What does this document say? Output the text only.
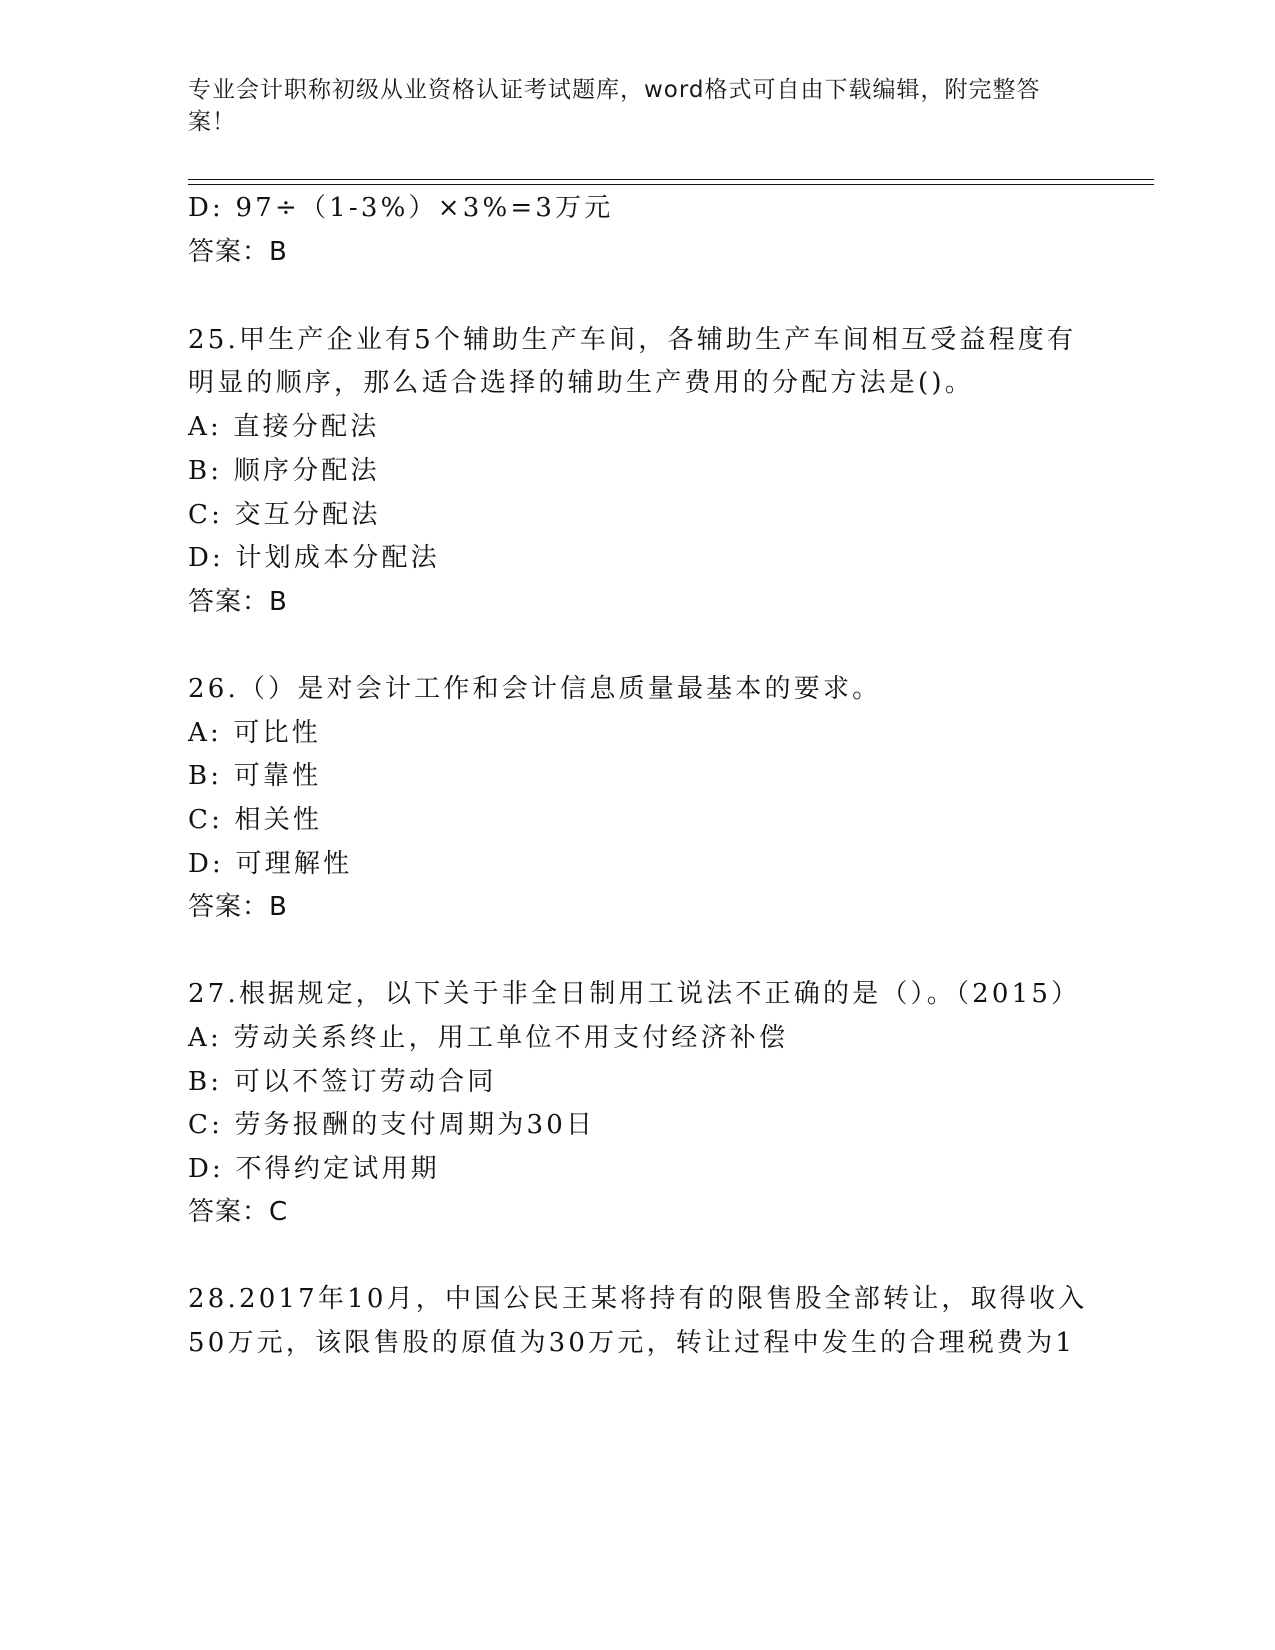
专业会计职称初级从业资格认证考试题库，word格式可自由下载编辑，附完整答案！
D: 97÷（1-3%）×3%=3万元
答案：B
25.甲生产企业有5个辅助生产车间，各辅助生产车间相互受益程度有
明显的顺序，那么适合选择的辅助生产费用的分配方法是()。
A: 直接分配法
B: 顺序分配法
C: 交互分配法
D: 计划成本分配法
答案：B
26.（）是对会计工作和会计信息质量最基本的要求。
A: 可比性
B: 可靠性
C: 相关性
D: 可理解性
答案：B
27.根据规定，以下关于非全日制用工说法不正确的是（）。（2015）
A: 劳动关系终止，用工单位不用支付经济补偿
B: 可以不签订劳动合同
C: 劳务报酬的支付周期为30日
D: 不得约定试用期
答案：C
28.2017年10月，中国公民王某将持有的限售股全部转让，取得收入
50万元，该限售股的原值为30万元，转让过程中发生的合理税费为1
